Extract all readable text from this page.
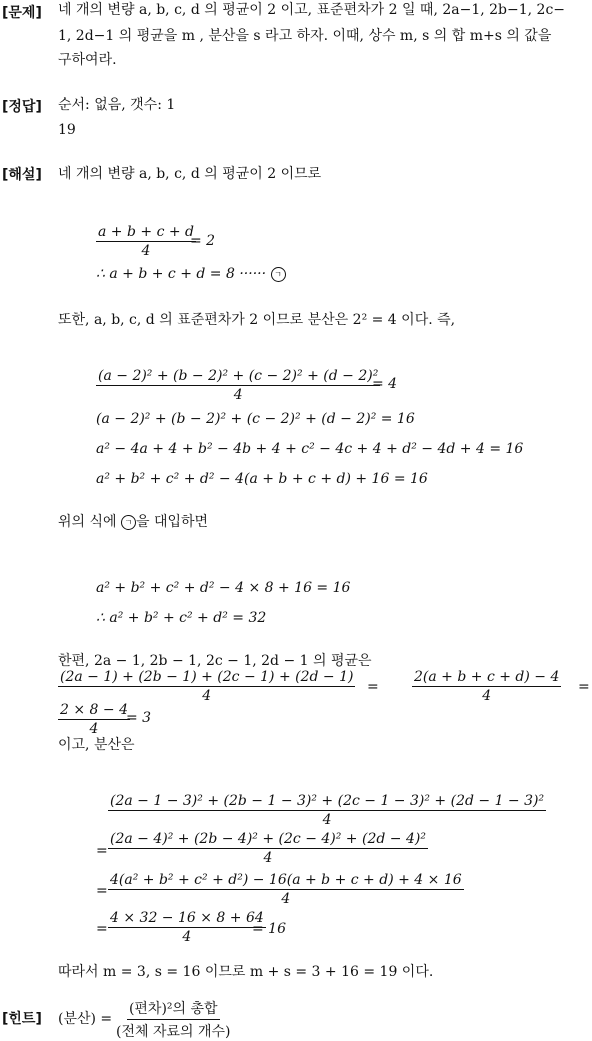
[문제]
[정답]
[해설]
[힌트]
네 개의 변량 a, b, c, d 의 평균이 2 이고, 표준편차가 2 일 때, 2a−1, 2b−1, 2c−
1, 2d−1 의 평균을 m , 분산을 s 라고 하자. 이때, 상수 m, s 의 합 m+s 의 값을
구하여라.
순서: 없음, 갯수: 1
19
네 개의 변량 a, b, c, d 의 평균이 2 이므로
$\frac{a + b + c + d}{4}$
= 2
∴ a + b + c + d = 8 ······ ㄱ
또한, a, b, c, d 의 표준편차가 2 이므로 분산은 2² = 4 이다. 즉,
$\frac{\text{(a − 2)² + (b − 2)² + (c − 2)² + (d − 2)²}}{4}$
= 4
(a − 2)² + (b − 2)² + (c − 2)² + (d − 2)² = 16
a² − 4a + 4 + b² − 4b + 4 + c² − 4c + 4 + d² − 4d + 4 = 16
a² + b² + c² + d² − 4(a + b + c + d) + 16 = 16
위의 식에 ㄱ 을 대입하면
a² + b² + c² + d² − 4 × 8 + 16 = 16
∴ a² + b² + c² + d² = 32
한편, 2a − 1, 2b − 1, 2c − 1, 2d − 1 의 평균은
$\frac{(2a - 1) + (2b - 1) + (2c - 1) + (2d - 1)}{4} = \frac{2(a + b + c + d) - 4}{4}$ =
$\frac{2 \times 8 - 4}{4}$
= 3
이고, 분산은
(2a − 1 − 3)² + (2b − 1 − 3)² + (2c − 1 − 3)² + (2d − 1 − 3)²
4
= $\frac{\text{(2a − 4)² + (2b − 4)² + (2c − 4)² + (2d − 4)²}}{4}$
= $\frac{\text{4(a² + b² + c² + d²) − 16(a + b + c + d) + 4 × 16}}{4}$
= $\frac{4 \times 32 - 16 \times 8 + 64}{4}$
= 16
따라서 m = 3, s = 16 이므로 m + s = 3 + 16 = 19 이다.
(분산) =
(편차)²의 총합
(전체 자료의 개수)
